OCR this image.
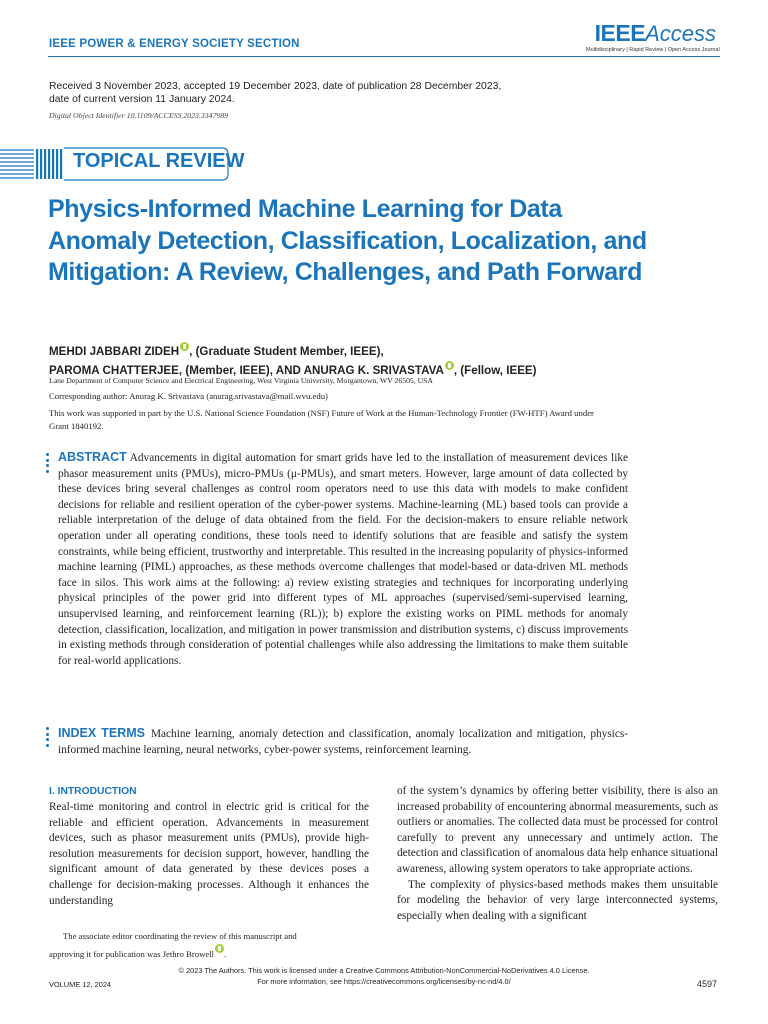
IEEE POWER & ENERGY SOCIETY SECTION	IEEEAccess
Multidisciplinary | Rapid Review | Open Access Journal
Received 3 November 2023, accepted 19 December 2023, date of publication 28 December 2023, date of current version 11 January 2024.
Digital Object Identifier 10.1109/ACCESS.2023.3347989
TOPICAL REVIEW
Physics-Informed Machine Learning for Data Anomaly Detection, Classification, Localization, and Mitigation: A Review, Challenges, and Path Forward
MEHDI JABBARI ZIDEH , (Graduate Student Member, IEEE),
PAROMA CHATTERJEE, (Member, IEEE), AND ANURAG K. SRIVASTAVA , (Fellow, IEEE)
Lane Department of Computer Science and Electrical Engineering, West Virginia University, Morgantown, WV 26505, USA
Corresponding author: Anurag K. Srivastava (anurag.srivastava@mail.wvu.edu)
This work was supported in part by the U.S. National Science Foundation (NSF) Future of Work at the Human-Technology Frontier (FW-HTF) Award under Grant 1840192.
ABSTRACT Advancements in digital automation for smart grids have led to the installation of measurement devices like phasor measurement units (PMUs), micro-PMUs (μ-PMUs), and smart meters. However, large amount of data collected by these devices bring several challenges as control room operators need to use this data with models to make confident decisions for reliable and resilient operation of the cyber-power systems. Machine-learning (ML) based tools can provide a reliable interpretation of the deluge of data obtained from the field. For the decision-makers to ensure reliable network operation under all operating conditions, these tools need to identify solutions that are feasible and satisfy the system constraints, while being efficient, trustworthy and interpretable. This resulted in the increasing popularity of physics-informed machine learning (PIML) approaches, as these methods overcome challenges that model-based or data-driven ML methods face in silos. This work aims at the following: a) review existing strategies and techniques for incorporating underlying physical principles of the power grid into different types of ML approaches (supervised/semi-supervised learning, unsupervised learning, and reinforcement learning (RL)); b) explore the existing works on PIML methods for anomaly detection, classification, localization, and mitigation in power transmission and distribution systems, c) discuss improvements in existing methods through consideration of potential challenges while also addressing the limitations to make them suitable for real-world applications.
INDEX TERMS Machine learning, anomaly detection and classification, anomaly localization and mitigation, physics-informed machine learning, neural networks, cyber-power systems, reinforcement learning.
I. INTRODUCTION
Real-time monitoring and control in electric grid is critical for the reliable and efficient operation. Advancements in measurement devices, such as phasor measurement units (PMUs), provide high-resolution measurements for decision support, however, handling the significant amount of data generated by these devices poses a challenge for decision-making processes. Although it enhances the understanding

of the system’s dynamics by offering better visibility, there is also an increased probability of encountering abnormal measurements, such as outliers or anomalies. The collected data must be processed for control carefully to prevent any unnecessary and untimely action. The detection and classification of anomalous data help enhance situational awareness, allowing system operators to take appropriate actions.

The complexity of physics-based methods makes them unsuitable for modeling the behavior of very large interconnected systems, especially when dealing with a significant

The associate editor coordinating the review of this manuscript and
approving it for publication was Jethro Browell .
© 2023 The Authors. This work is licensed under a Creative Commons Attribution-NonCommercial-NoDerivatives 4.0 License.
For more information, see https://creativecommons.org/licenses/by-nc-nd/4.0/
VOLUME 12, 2024	4597
